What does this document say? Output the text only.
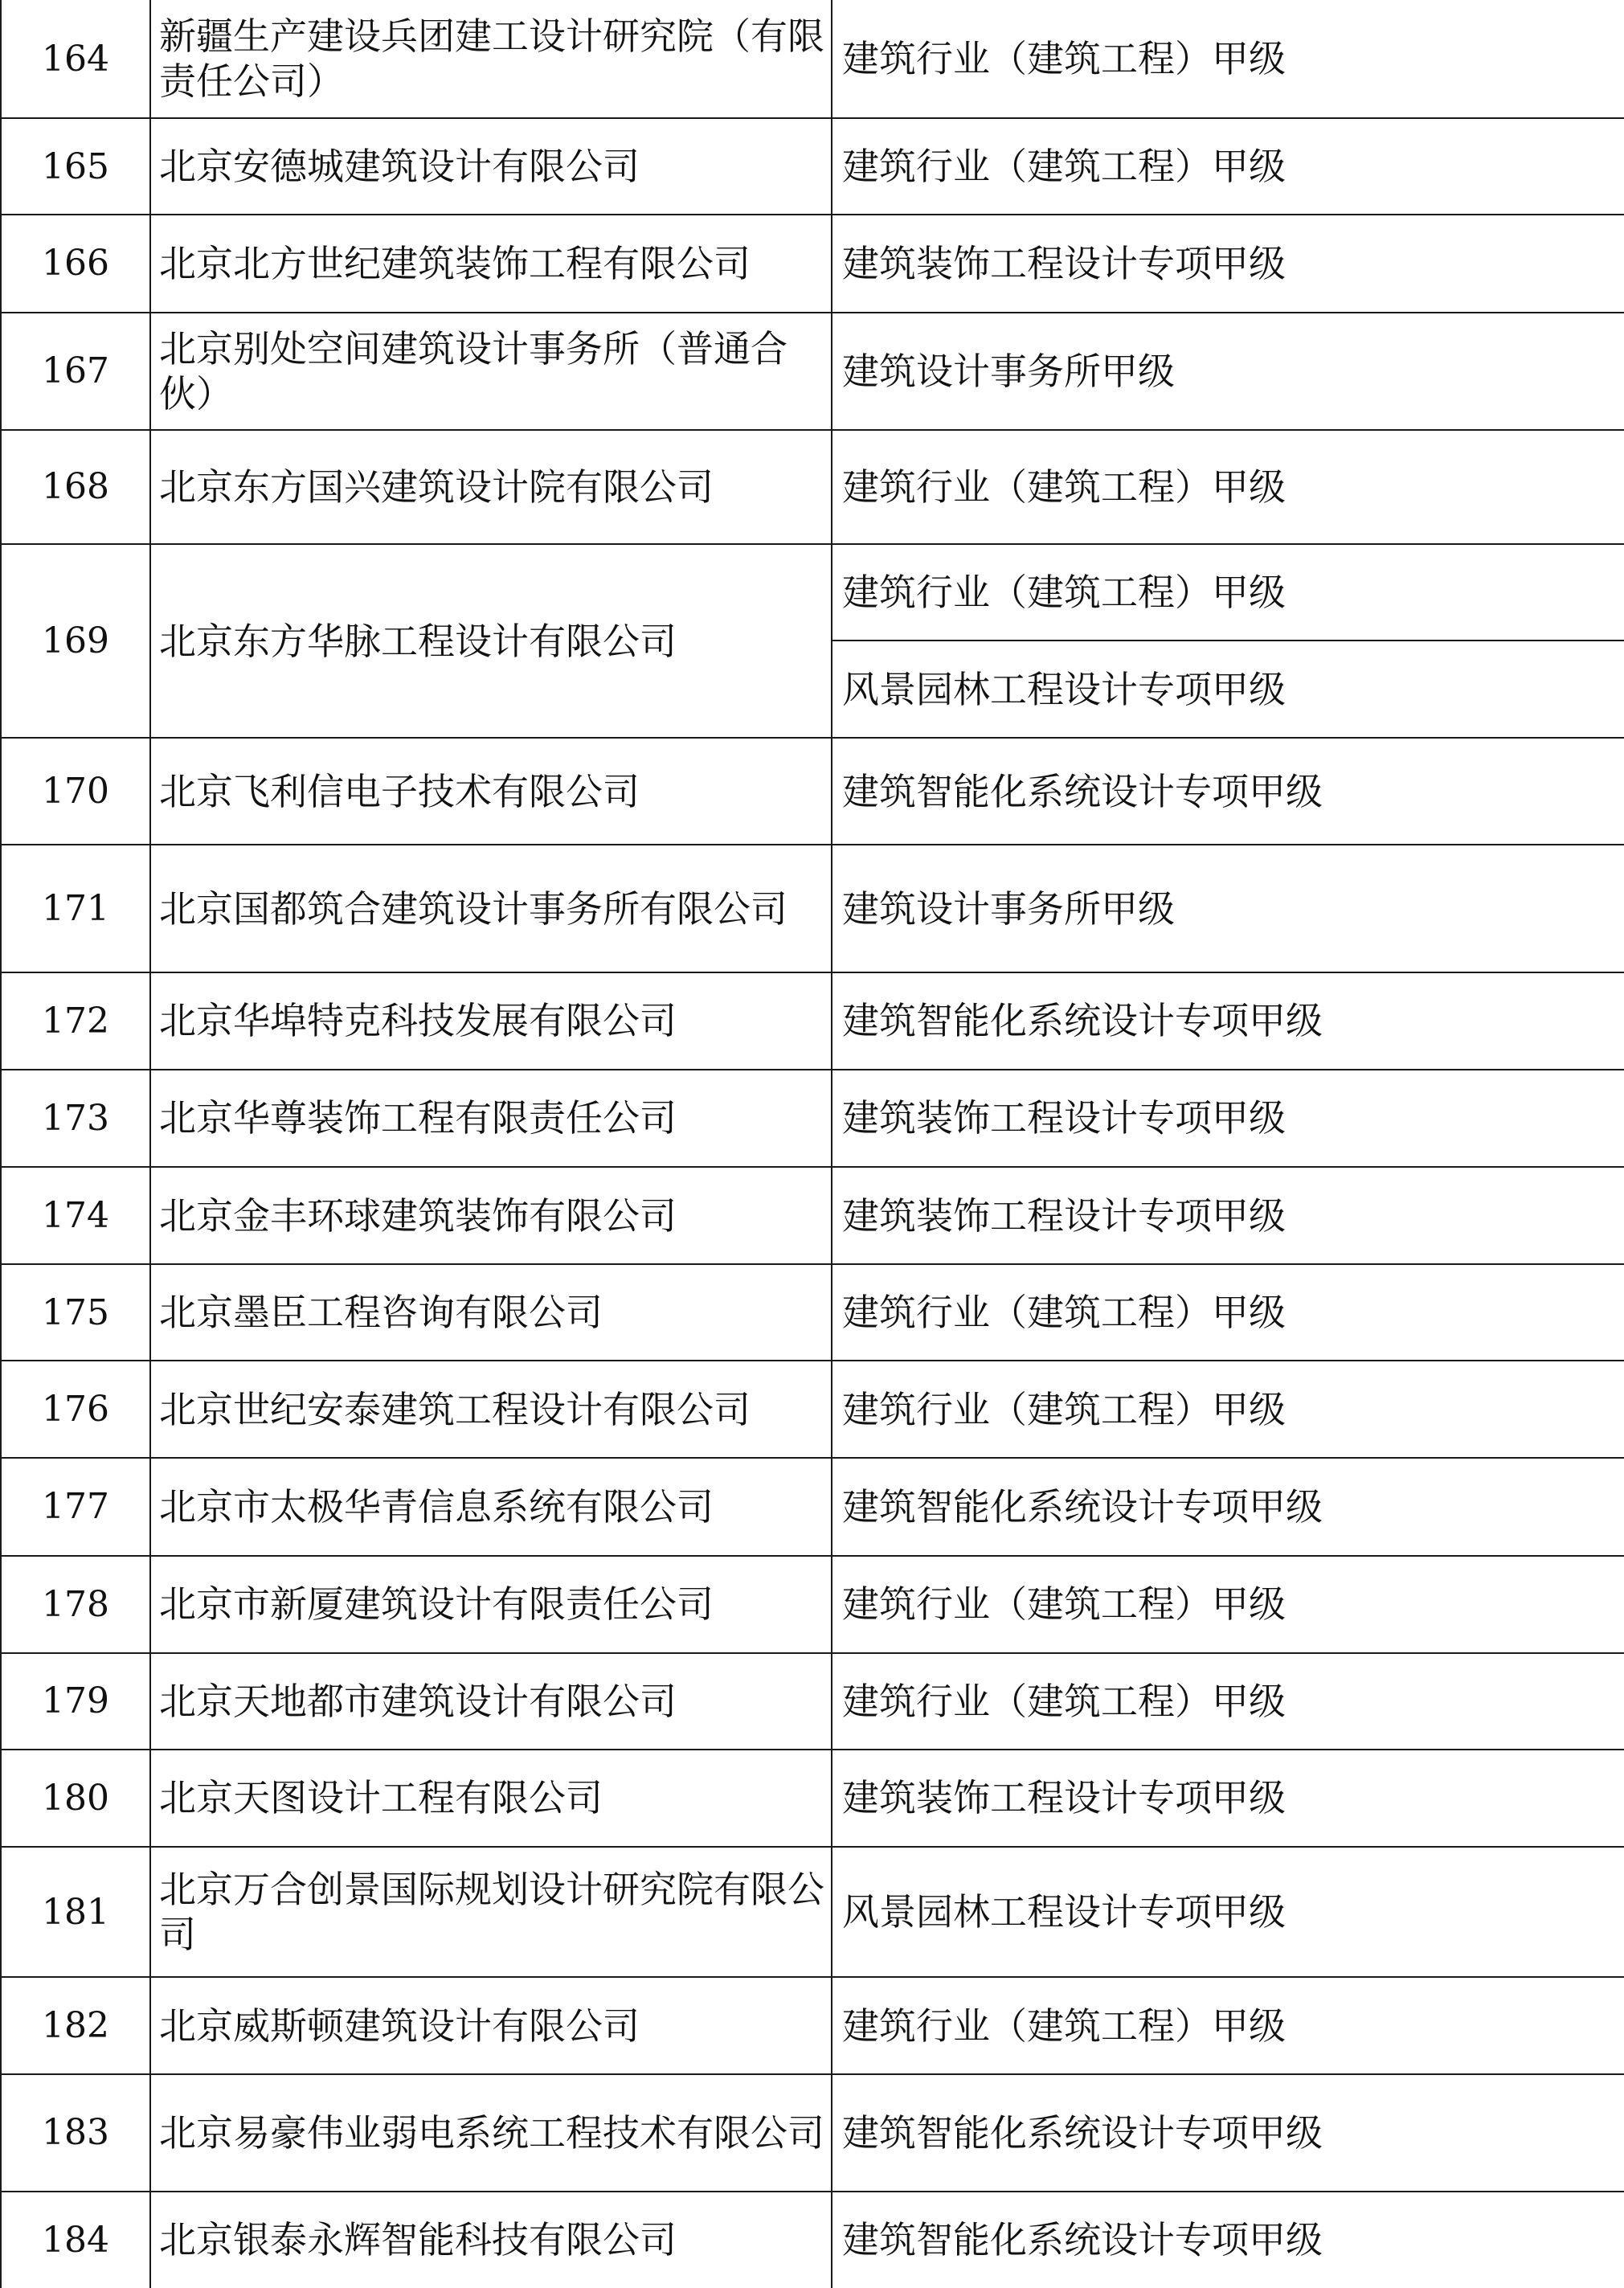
164	新疆生产建设兵团建工设计研究院（有限责任公司）	建筑行业（建筑工程）甲级
165	北京安德城建筑设计有限公司	建筑行业（建筑工程）甲级
166	北京北方世纪建筑装饰工程有限公司	建筑装饰工程设计专项甲级
167	北京别处空间建筑设计事务所（普通合伙）	建筑设计事务所甲级
168	北京东方国兴建筑设计院有限公司	建筑行业（建筑工程）甲级
169	北京东方华脉工程设计有限公司	建筑行业（建筑工程）甲级
		风景园林工程设计专项甲级
170	北京飞利信电子技术有限公司	建筑智能化系统设计专项甲级
171	北京国都筑合建筑设计事务所有限公司	建筑设计事务所甲级
172	北京华埠特克科技发展有限公司	建筑智能化系统设计专项甲级
173	北京华尊装饰工程有限责任公司	建筑装饰工程设计专项甲级
174	北京金丰环球建筑装饰有限公司	建筑装饰工程设计专项甲级
175	北京墨臣工程咨询有限公司	建筑行业（建筑工程）甲级
176	北京世纪安泰建筑工程设计有限公司	建筑行业（建筑工程）甲级
177	北京市太极华青信息系统有限公司	建筑智能化系统设计专项甲级
178	北京市新厦建筑设计有限责任公司	建筑行业（建筑工程）甲级
179	北京天地都市建筑设计有限公司	建筑行业（建筑工程）甲级
180	北京天图设计工程有限公司	建筑装饰工程设计专项甲级
181	北京万合创景国际规划设计研究院有限公司	风景园林工程设计专项甲级
182	北京威斯顿建筑设计有限公司	建筑行业（建筑工程）甲级
183	北京易豪伟业弱电系统工程技术有限公司	建筑智能化系统设计专项甲级
184	北京银泰永辉智能科技有限公司	建筑智能化系统设计专项甲级
